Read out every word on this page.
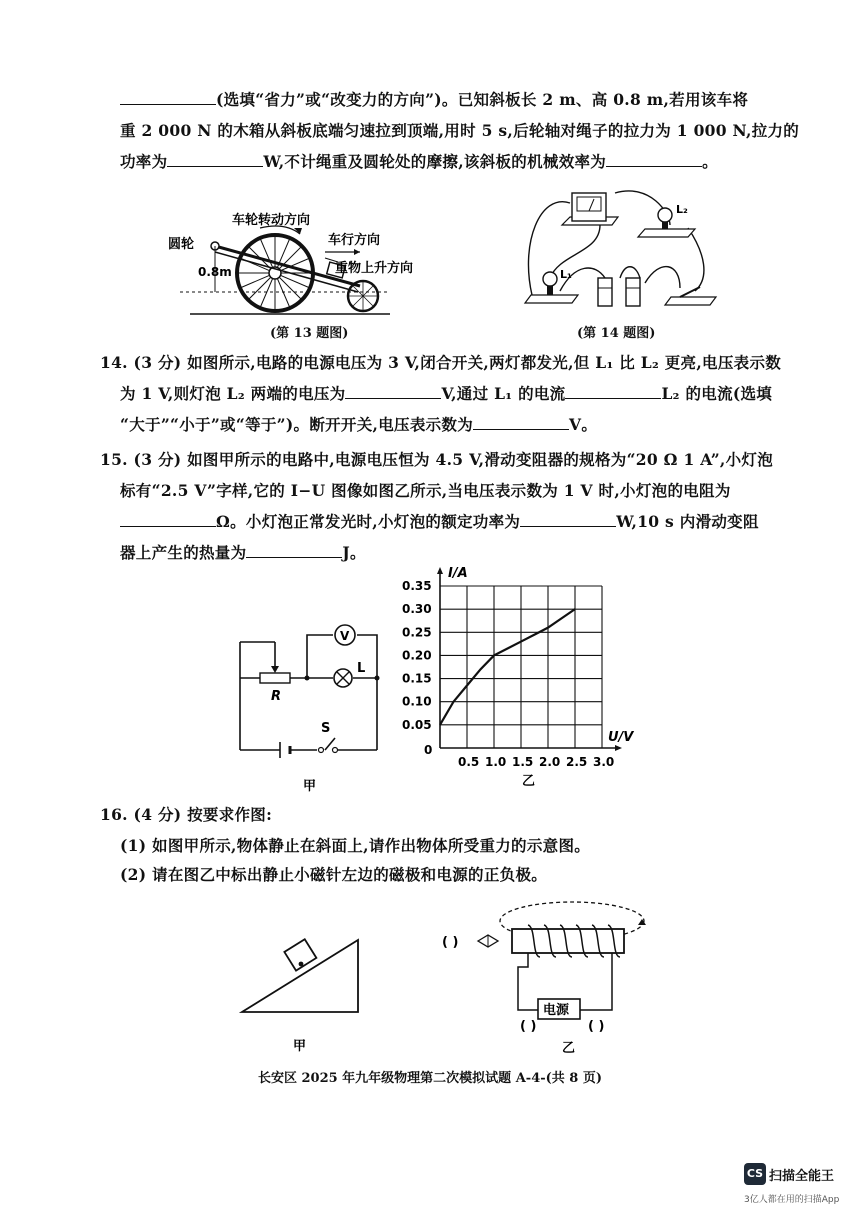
(选填“省力”或“改变力的方向”)。已知斜板长 2 m、高 0.8 m,若用该车将
重 2 000 N 的木箱从斜板底端匀速拉到顶端,用时 5 s,后轮轴对绳子的拉力为 1 000 N,拉力的
功率为	W,不计绳重及圆轮处的摩擦,该斜板的机械效率为	。
车轮转动方向
圆轮
0.8m
车行方向
重物上升方向
(第 13 题图)
L₂
L₁
(第 14 题图)
14. (3 分) 如图所示,电路的电源电压为 3 V,闭合开关,两灯都发光,但 L₁ 比 L₂ 更亮,电压表示数
为 1 V,则灯泡 L₂ 两端的电压为	V,通过 L₁ 的电流	L₂ 的电流(选填
“大于”“小于”或“等于”)。断开开关,电压表示数为	V。
15. (3 分) 如图甲所示的电路中,电源电压恒为 4.5 V,滑动变阻器的规格为“20 Ω 1 A”,小灯泡
标有“2.5 V”字样,它的 I−U 图像如图乙所示,当电压表示数为 1 V 时,小灯泡的电阻为
Ω。小灯泡正常发光时,小灯泡的额定功率为	W,10 s 内滑动变阻
器上产生的热量为	J。
V
L
R
S
甲
0.5 1.0 1.5 2.0 2.5 3.0
0.05
0.10
0.15
0.20
0.25
0.30
0.35
I/A
U/V
0
乙
16. (4 分) 按要求作图:
(1) 如图甲所示,物体静止在斜面上,请作出物体所受重力的示意图。
(2) 请在图乙中标出静止小磁针左边的磁极和电源的正负极。
甲
电源
( )
( )	( )
乙
长安区 2025 年九年级物理第二次模拟试题 A-4-(共 8 页)
CS 扫描全能王
3亿人都在用的扫描App
